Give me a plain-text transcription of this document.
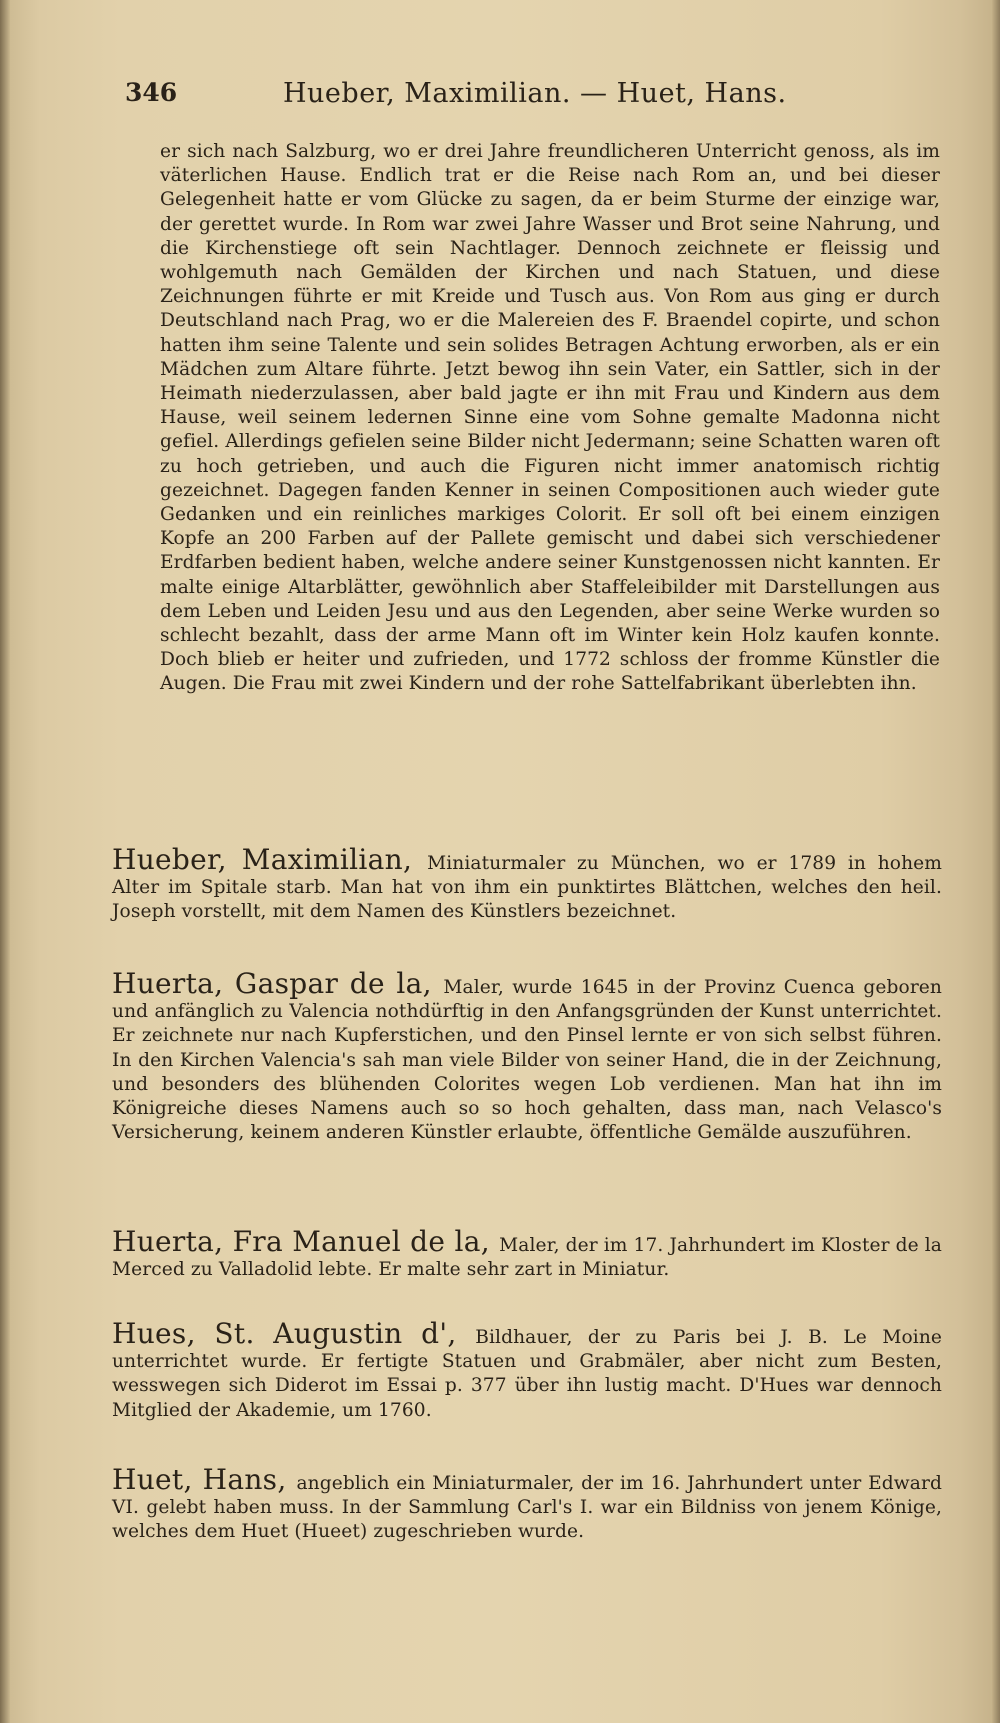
346	Hueber, Maximilian. — Huet, Hans.

er sich nach Salzburg, wo er drei Jahre freundlicheren Unterricht genoss, als im väterlichen Hause. Endlich trat er die Reise nach Rom an, und bei dieser Gelegenheit hatte er vom Glücke zu sagen, da er beim Sturme der einzige war, der gerettet wurde. In Rom war zwei Jahre Wasser und Brot seine Nahrung, und die Kirchenstiege oft sein Nachtlager. Dennoch zeichnete er fleissig und wohlgemuth nach Gemälden der Kirchen und nach Statuen, und diese Zeichnungen führte er mit Kreide und Tusch aus. Von Rom aus ging er durch Deutschland nach Prag, wo er die Malereien des F. Braendel copirte, und schon hatten ihm seine Talente und sein solides Betragen Achtung erworben, als er ein Mädchen zum Altare führte. Jetzt bewog ihn sein Vater, ein Sattler, sich in der Heimath niederzulassen, aber bald jagte er ihn mit Frau und Kindern aus dem Hause, weil seinem ledernen Sinne eine vom Sohne gemalte Madonna nicht gefiel. Allerdings gefielen seine Bilder nicht Jedermann; seine Schatten waren oft zu hoch getrieben, und auch die Figuren nicht immer anatomisch richtig gezeichnet. Dagegen fanden Kenner in seinen Compositionen auch wieder gute Gedanken und ein reinliches markiges Colorit. Er soll oft bei einem einzigen Kopfe an 200 Farben auf der Pallete gemischt und dabei sich verschiedener Erdfarben bedient haben, welche andere seiner Kunstgenossen nicht kannten. Er malte einige Altarblätter, gewöhnlich aber Staffeleibilder mit Darstellungen aus dem Leben und Leiden Jesu und aus den Legenden, aber seine Werke wurden so schlecht bezahlt, dass der arme Mann oft im Winter kein Holz kaufen konnte. Doch blieb er heiter und zufrieden, und 1772 schloss der fromme Künstler die Augen. Die Frau mit zwei Kindern und der rohe Sattelfabrikant überlebten ihn.

Hueber, Maximilian, Miniaturmaler zu München, wo er 1789 in hohem Alter im Spitale starb. Man hat von ihm ein punktirtes Blättchen, welches den heil. Joseph vorstellt, mit dem Namen des Künstlers bezeichnet.
Huerta, Gaspar de la, Maler, wurde 1645 in der Provinz Cuenca geboren und anfänglich zu Valencia nothdürftig in den Anfangsgründen der Kunst unterrichtet. Er zeichnete nur nach Kupferstichen, und den Pinsel lernte er von sich selbst führen. In den Kirchen Valencia's sah man viele Bilder von seiner Hand, die in der Zeichnung, und besonders des blühenden Colorites wegen Lob verdienen. Man hat ihn im Königreiche dieses Namens auch so so hoch gehalten, dass man, nach Velasco's Versicherung, keinem anderen Künstler erlaubte, öffentliche Gemälde auszuführen.
Huerta, Fra Manuel de la, Maler, der im 17. Jahrhundert im Kloster de la Merced zu Valladolid lebte. Er malte sehr zart in Miniatur.
Hues, St. Augustin d', Bildhauer, der zu Paris bei J. B. Le Moine unterrichtet wurde. Er fertigte Statuen und Grabmäler, aber nicht zum Besten, wesswegen sich Diderot im Essai p. 377 über ihn lustig macht. D'Hues war dennoch Mitglied der Akademie, um 1760.
Huet, Hans, angeblich ein Miniaturmaler, der im 16. Jahrhundert unter Edward VI. gelebt haben muss. In der Sammlung Carl's I. war ein Bildniss von jenem Könige, welches dem Huet (Hueet) zugeschrieben wurde.
